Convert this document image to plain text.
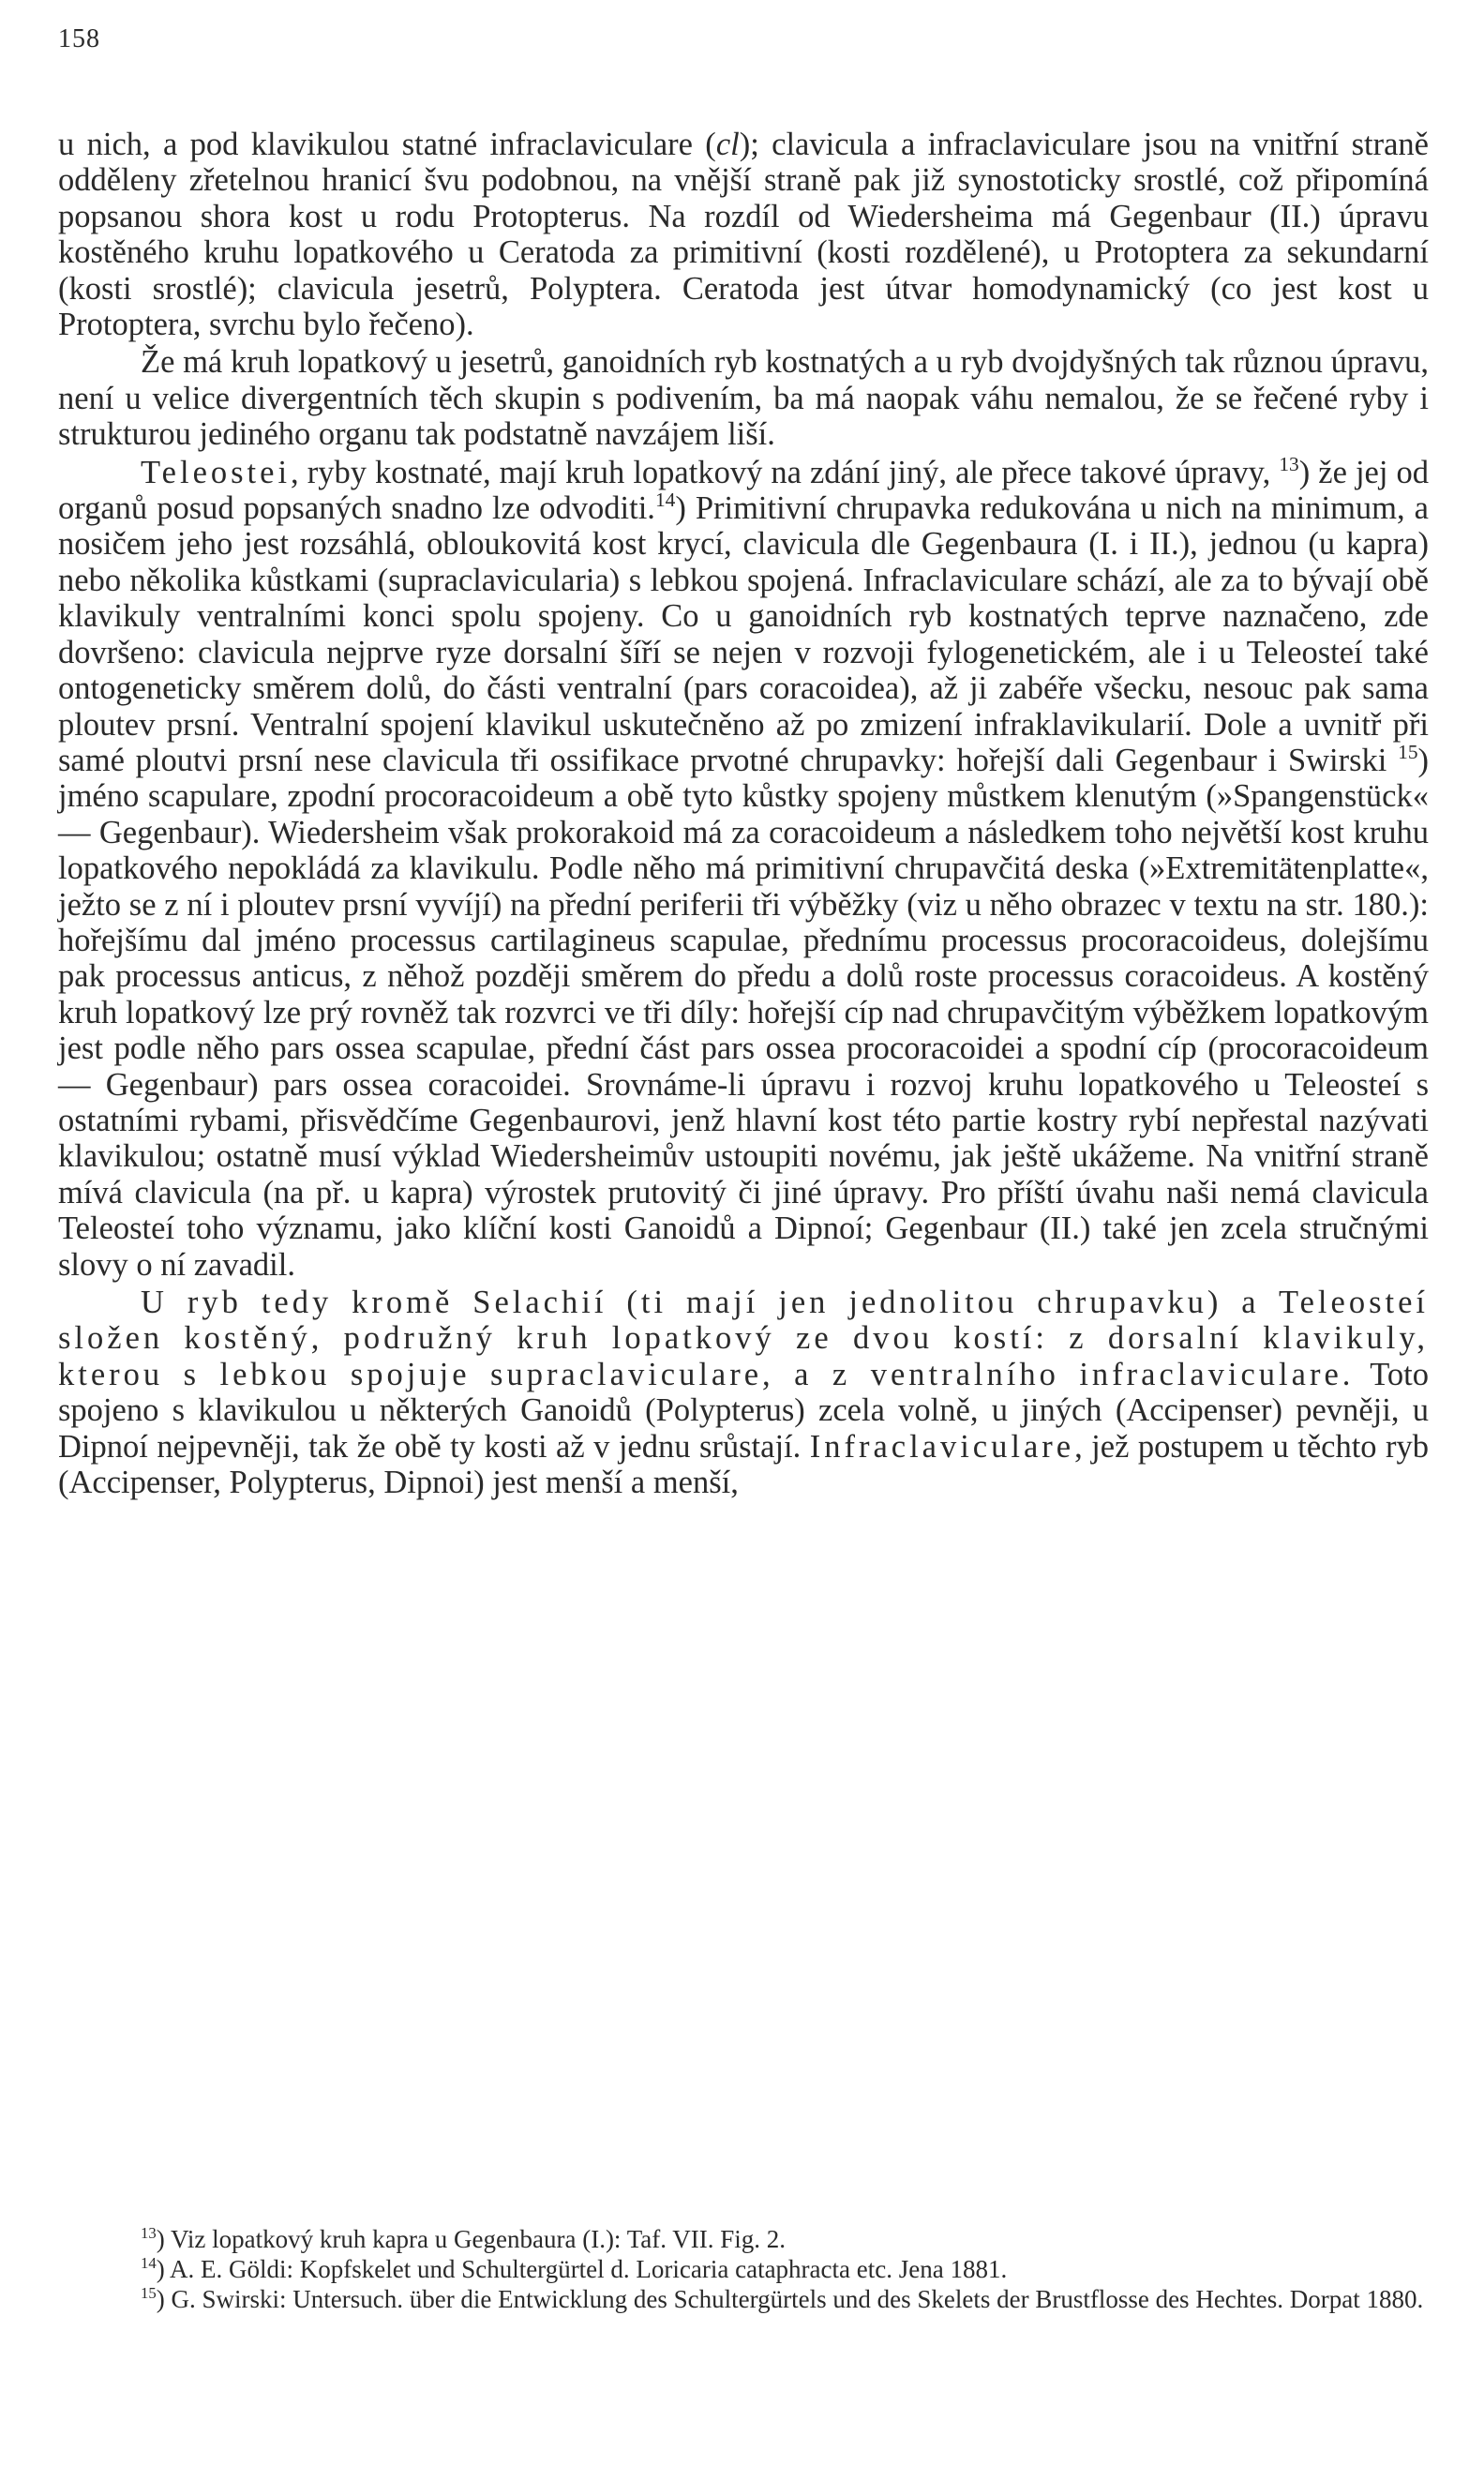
158

u nich, a pod klavikulou statné infraclaviculare (cl); clavicula a infraclaviculare jsou na vnitřní straně odděleny zřetelnou hranicí švu podobnou, na vnější straně pak již synostoticky srostlé, což připomíná popsanou shora kost u rodu Protopterus. Na rozdíl od Wiedersheima má Gegenbaur (II.) úpravu kostěného kruhu lopatkového u Ceratoda za primitivní (kosti rozdělené), u Protoptera za sekundarní (kosti srostlé); clavicula jesetrů, Polyptera. Ceratoda jest útvar homodynamický (co jest kost u Protoptera, svrchu bylo řečeno).

Že má kruh lopatkový u jesetrů, ganoidních ryb kostnatých a u ryb dvojdyšných tak různou úpravu, není u velice divergentních těch skupin s podivením, ba má naopak váhu nemalou, že se řečené ryby i strukturou jediného organu tak podstatně navzájem liší.

Teleostei, ryby kostnaté, mají kruh lopatkový na zdání jiný, ale přece takové úpravy, $^{13}$) že jej od organů posud popsaných snadno lze odvoditi.$^{14}$) Primitivní chrupavka redukována u nich na minimum, a nosičem jeho jest rozsáhlá, obloukovitá kost krycí, clavicula dle Gegenbaura (I. i II.), jednou (u kapra) nebo několika kůstkami (supraclavicularia) s lebkou spojená. Infraclaviculare schází, ale za to bývají obě klavikuly ventralními konci spolu spojeny. Co u ganoidních ryb kostnatých teprve naznačeno, zde dovršeno: clavicula nejprve ryze dorsalní šíří se nejen v rozvoji fylogenetickém, ale i u Teleosteí také ontogeneticky směrem dolů, do části ventralní (pars coracoidea), až ji zabéře všecku, nesouc pak sama ploutev prsní. Ventralní spojení klavikul uskutečněno až po zmizení infraklavikularií. Dole a uvnitř při samé ploutvi prsní nese clavicula tři ossifikace prvotné chrupavky: hořejší dali Gegenbaur i Swirski $^{15}$) jméno scapulare, zpodní procoracoideum a obě tyto kůstky spojeny můstkem klenutým (»Spangenstück« — Gegenbaur). Wiedersheim však prokorakoid má za coracoideum a následkem toho největší kost kruhu lopatkového nepokládá za klavikulu. Podle něho má primitivní chrupavčitá deska (»Extremitätenplatte«, ježto se z ní i ploutev prsní vyvíjí) na přední periferii tři výběžky (viz u něho obrazec v textu na str. 180.): hořejšímu dal jméno processus cartilagineus scapulae, přednímu processus procoracoideus, dolejšímu pak processus anticus, z něhož později směrem do předu a dolů roste processus coracoideus. A kostěný kruh lopatkový lze prý rovněž tak rozvrci ve tři díly: hořejší cíp nad chrupavčitým výběžkem lopatkovým jest podle něho pars ossea scapulae, přední část pars ossea procoracoidei a spodní cíp (procoracoideum — Gegenbaur) pars ossea coracoidei. Srovnáme-li úpravu i rozvoj kruhu lopatkového u Teleosteí s ostatními rybami, přisvědčíme Gegenbaurovi, jenž hlavní kost této partie kostry rybí nepřestal nazývati klavikulou; ostatně musí výklad Wiedersheimův ustoupiti novému, jak ještě ukážeme. Na vnitřní straně mívá clavicula (na př. u kapra) výrostek prutovitý či jiné úpravy. Pro příští úvahu naši nemá clavicula Teleosteí toho významu, jako klíční kosti Ganoidů a Dipnoí; Gegenbaur (II.) také jen zcela stručnými slovy o ní zavadil.

U ryb tedy kromě Selachií (ti mají jen jednolitou chrupavku) a Teleosteí složen kostěný, podružný kruh lopatkový ze dvou kostí: z dorsalní klavikuly, kterou s lebkou spojuje supraclaviculare, a z ventralního infraclaviculare. Toto spojeno s klavikulou u některých Ganoidů (Polypterus) zcela volně, u jiných (Accipenser) pevněji, u Dipnoí nejpevněji, tak že obě ty kosti až v jednu srůstají. Infraclaviculare, jež postupem u těchto ryb (Accipenser, Polypterus, Dipnoi) jest menší a menší,

$^{13}$) Viz lopatkový kruh kapra u Gegenbaura (I.): Taf. VII. Fig. 2.

$^{14}$) A. E. Göldi: Kopfskelet und Schultergürtel d. Loricaria cataphracta etc. Jena 1881.

$^{15}$) G. Swirski: Untersuch. über die Entwicklung des Schultergürtels und des Skelets der Brustflosse des Hechtes. Dorpat 1880.
